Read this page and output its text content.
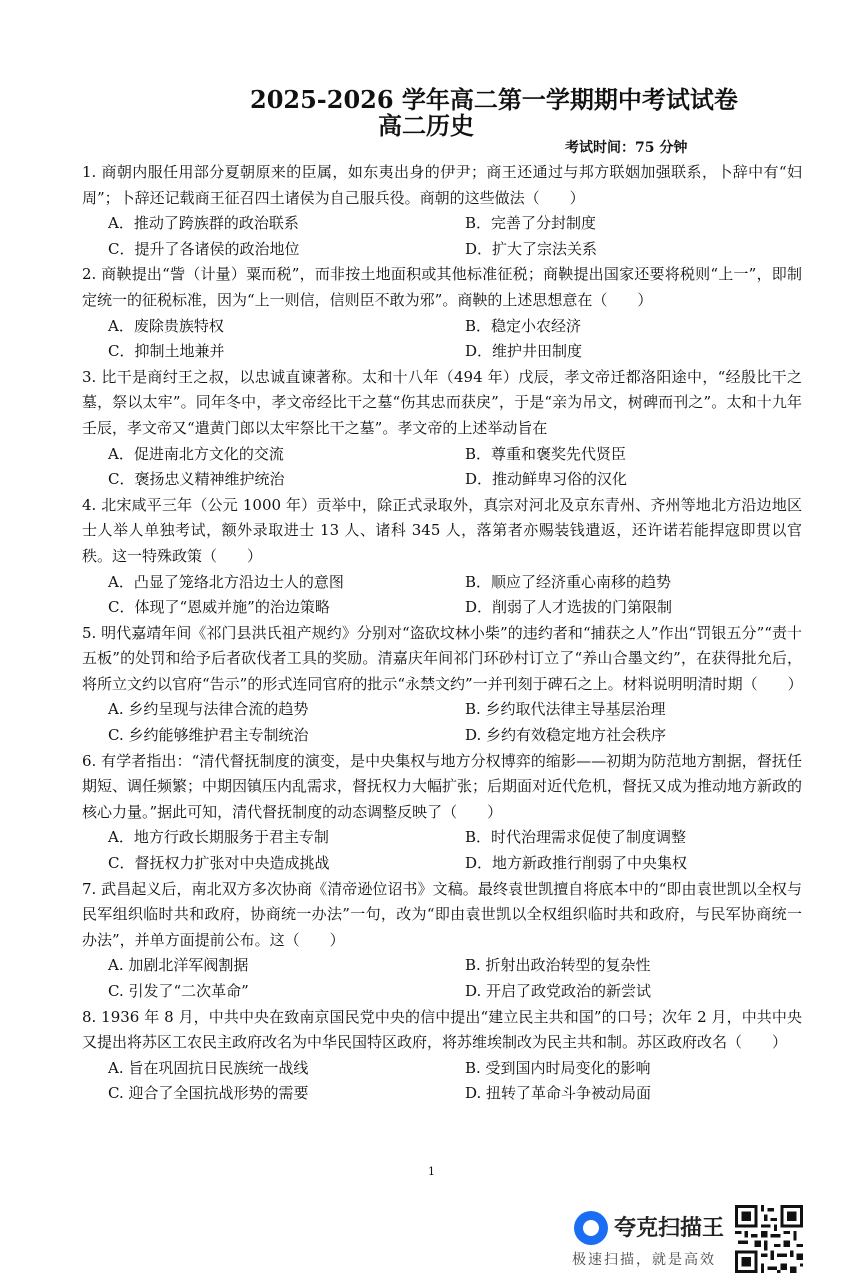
2025-2026 学年高二第一学期期中考试试卷
高二历史
考试时间：75 分钟
1. 商朝内服任用部分夏朝原来的臣属，如东夷出身的伊尹；商王还通过与邦方联姻加强联系，卜辞中有“妇周”；卜辞还记载商王征召四土诸侯为自己服兵役。商朝的这些做法（　　）
A．推动了跨族群的政治联系	B．完善了分封制度
C．提升了各诸侯的政治地位	D．扩大了宗法关系
2. 商鞅提出“訾（计量）粟而税”，而非按土地面积或其他标准征税；商鞅提出国家还要将税则“上一”，即制定统一的征税标准，因为“上一则信，信则臣不敢为邪”。商鞅的上述思想意在（　　）
A．废除贵族特权	B．稳定小农经济
C．抑制土地兼并	D．维护井田制度
3. 比干是商纣王之叔，以忠诚直谏著称。太和十八年（494 年）戊辰，孝文帝迁都洛阳途中，“经殷比干之墓，祭以太牢”。同年冬中，孝文帝经比干之墓“伤其忠而获戾”，于是“亲为吊文，树碑而刊之”。太和十九年壬辰，孝文帝又“遣黄门郎以太牢祭比干之墓”。孝文帝的上述举动旨在
A．促进南北方文化的交流	B．尊重和褒奖先代贤臣
C．褒扬忠义精神维护统治	D．推动鲜卑习俗的汉化
4. 北宋咸平三年（公元 1000 年）贡举中，除正式录取外，真宗对河北及京东青州、齐州等地北方沿边地区士人举人单独考试，额外录取进士 13 人、诸科 345 人，落第者亦赐装钱遣返，还许诺若能捍寇即贯以官秩。这一特殊政策（　　）
A．凸显了笼络北方沿边士人的意图	B．顺应了经济重心南移的趋势
C．体现了“恩威并施”的治边策略	D．削弱了人才选拔的门第限制
5. 明代嘉靖年间《祁门县洪氏祖产规约》分别对“盗砍坟林小柴”的违约者和“捕获之人”作出“罚银五分”“责十五板”的处罚和给予后者砍伐者工具的奖励。清嘉庆年间祁门环砂村订立了“养山合墨文约”，在获得批允后，将所立文约以官府“告示”的形式连同官府的批示“永禁文约”一并刊刻于碑石之上。材料说明明清时期（　　）
A. 乡约呈现与法律合流的趋势	B. 乡约取代法律主导基层治理
C. 乡约能够维护君主专制统治	D. 乡约有效稳定地方社会秩序
6. 有学者指出：“清代督抚制度的演变，是中央集权与地方分权博弈的缩影——初期为防范地方割据，督抚任期短、调任频繁；中期因镇压内乱需求，督抚权力大幅扩张；后期面对近代危机，督抚又成为推动地方新政的核心力量。”据此可知，清代督抚制度的动态调整反映了（　　）
A．地方行政长期服务于君主专制	B．时代治理需求促使了制度调整
C．督抚权力扩张对中央造成挑战	D．地方新政推行削弱了中央集权
7. 武昌起义后，南北双方多次协商《清帝逊位诏书》文稿。最终袁世凯擅自将底本中的“即由袁世凯以全权与民军组织临时共和政府，协商统一办法”一句，改为“即由袁世凯以全权组织临时共和政府，与民军协商统一办法”，并单方面提前公布。这（　　）
A. 加剧北洋军阀割据	B. 折射出政治转型的复杂性
C. 引发了“二次革命”	D. 开启了政党政治的新尝试
8. 1936 年 8 月，中共中央在致南京国民党中央的信中提出“建立民主共和国”的口号；次年 2 月，中共中央又提出将苏区工农民主政府改名为中华民国特区政府，将苏维埃制改为民主共和制。苏区政府改名（　　）
A. 旨在巩固抗日民族统一战线	B. 受到国内时局变化的影响
C. 迎合了全国抗战形势的需要	D. 扭转了革命斗争被动局面
1
夸克扫描王
极速扫描，就是高效
